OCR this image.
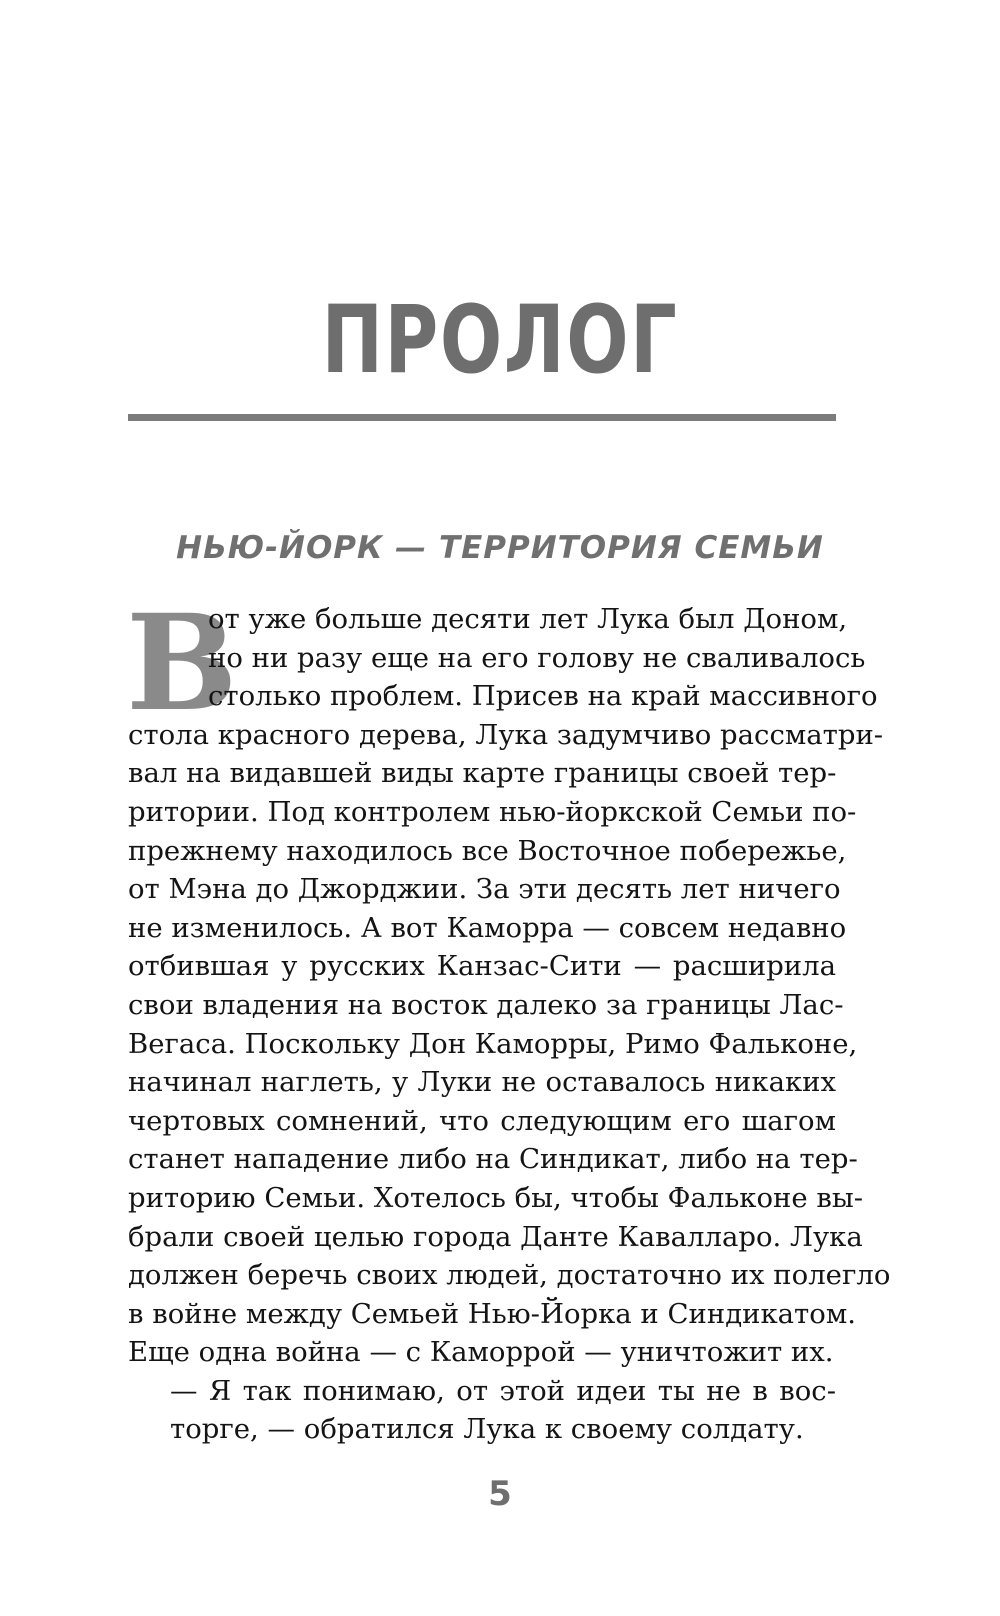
ПРОЛОГ
НЬЮ-ЙОРК — ТЕРРИТОРИЯ СЕМЬИ
В
от уже больше десяти лет Лука был Доном,
но ни разу еще на его голову не сваливалось
столько проблем. Присев на край массивного
стола красного дерева, Лука задумчиво рассматри-
вал на видавшей виды карте границы своей тер-
ритории. Под контролем нью-йоркской Семьи по-
прежнему находилось все Восточное побережье,
от Мэна до Джорджии. За эти десять лет ничего
не изменилось. А вот Каморра — совсем недавно
отбившая у русских Канзас-Сити — расширила
свои владения на восток далеко за границы Лас-
Вегаса. Поскольку Дон Каморры, Римо Фальконе,
начинал наглеть, у Луки не оставалось никаких
чертовых сомнений, что следующим его шагом
станет нападение либо на Синдикат, либо на тер-
риторию Семьи. Хотелось бы, чтобы Фальконе вы-
брали своей целью города Данте Кавалларо. Лука
должен беречь своих людей, достаточно их полегло
в войне между Семьей Нью-Йорка и Синдикатом.
Еще одна война — с Каморрой — уничтожит их.
— Я так понимаю, от этой идеи ты не в вос-
торге, — обратился Лука к своему солдату.
5
